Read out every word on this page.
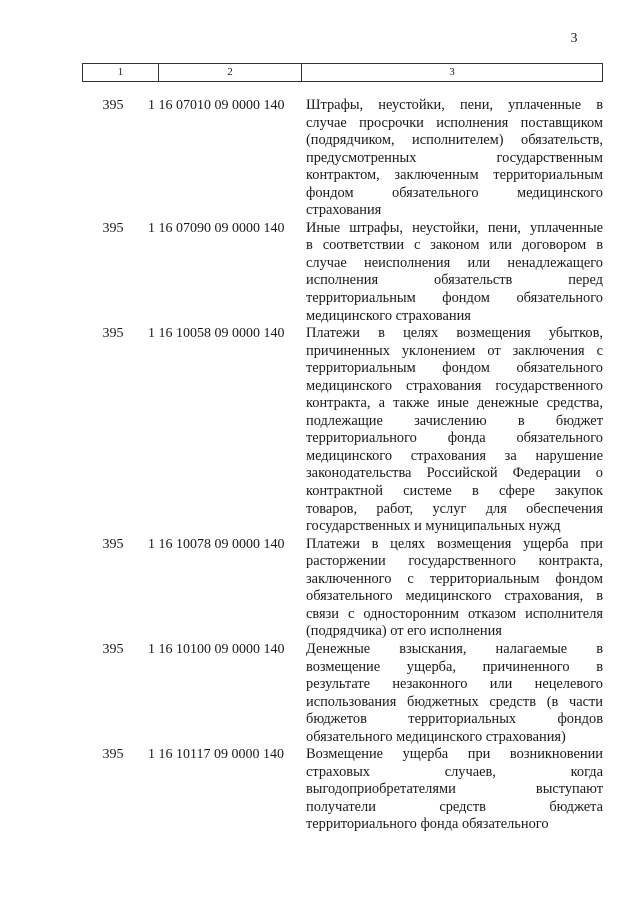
3
1	2	3
395	1 16 07010 09 0000 140	Штрафы, неустойки, пени, уплаченные в
случае просрочки исполнения поставщиком
(подрядчиком, исполнителем) обязательств,
предусмотренных государственным
контрактом, заключенным территориальным
фондом обязательного медицинского
страхования
395	1 16 07090 09 0000 140	Иные штрафы, неустойки, пени, уплаченные
в соответствии с законом или договором в
случае неисполнения или ненадлежащего
исполнения обязательств перед
территориальным фондом обязательного
медицинского страхования
395	1 16 10058 09 0000 140	Платежи в целях возмещения убытков,
причиненных уклонением от заключения с
территориальным фондом обязательного
медицинского страхования государственного
контракта, а также иные денежные средства,
подлежащие зачислению в бюджет
территориального фонда обязательного
медицинского страхования за нарушение
законодательства Российской Федерации о
контрактной системе в сфере закупок
товаров, работ, услуг для обеспечения
государственных и муниципальных нужд
395	1 16 10078 09 0000 140	Платежи в целях возмещения ущерба при
расторжении государственного контракта,
заключенного с территориальным фондом
обязательного медицинского страхования, в
связи с односторонним отказом исполнителя
(подрядчика) от его исполнения
395	1 16 10100 09 0000 140	Денежные взыскания, налагаемые в
возмещение ущерба, причиненного в
результате незаконного или нецелевого
использования бюджетных средств (в части
бюджетов территориальных фондов
обязательного медицинского страхования)
395	1 16 10117 09 0000 140	Возмещение ущерба при возникновении
страховых случаев, когда
выгодоприобретателями выступают
получатели средств бюджета
территориального фонда обязательного
